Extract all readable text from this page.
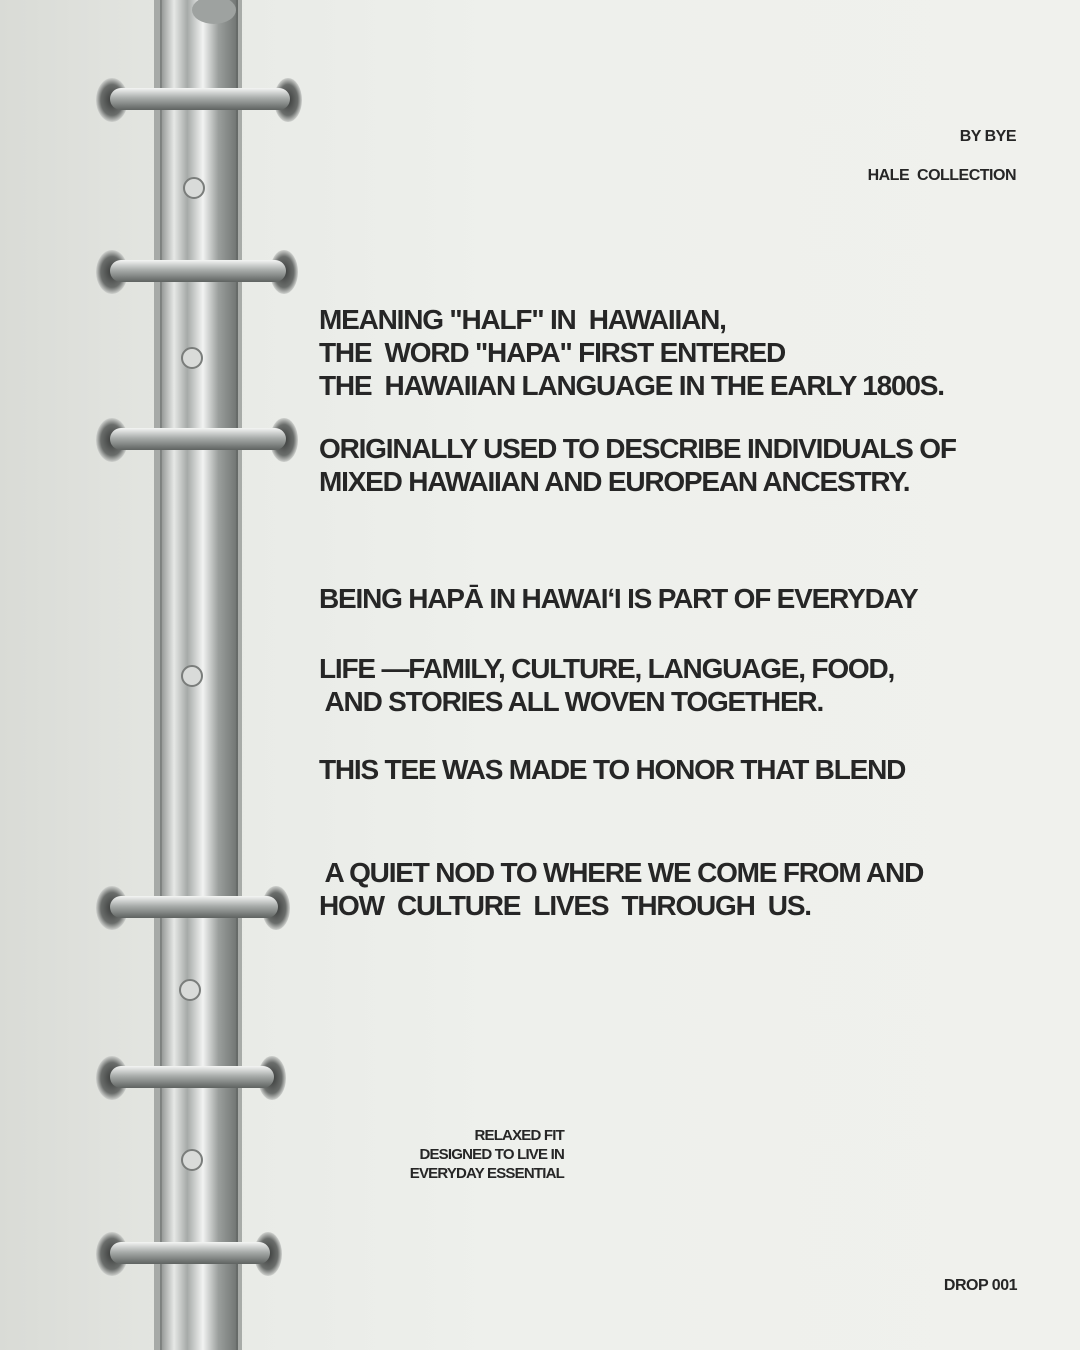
BY BYE
HALE  COLLECTION

MEANING "HALF" IN  HAWAIIAN,
THE  WORD "HAPA" FIRST ENTERED
THE  HAWAIIAN LANGUAGE IN THE EARLY 1800S.

ORIGINALLY USED TO DESCRIBE INDIVIDUALS OF
MIXED HAWAIIAN AND EUROPEAN ANCESTRY.

BEING HAPĀ IN HAWAIʻI IS PART OF EVERYDAY

LIFE —FAMILY, CULTURE, LANGUAGE, FOOD,
AND STORIES ALL WOVEN TOGETHER.

THIS TEE WAS MADE TO HONOR THAT BLEND

A QUIET NOD TO WHERE WE COME FROM AND
HOW  CULTURE  LIVES  THROUGH  US.

RELAXED FIT
DESIGNED TO LIVE IN
EVERYDAY ESSENTIAL
DROP 001
